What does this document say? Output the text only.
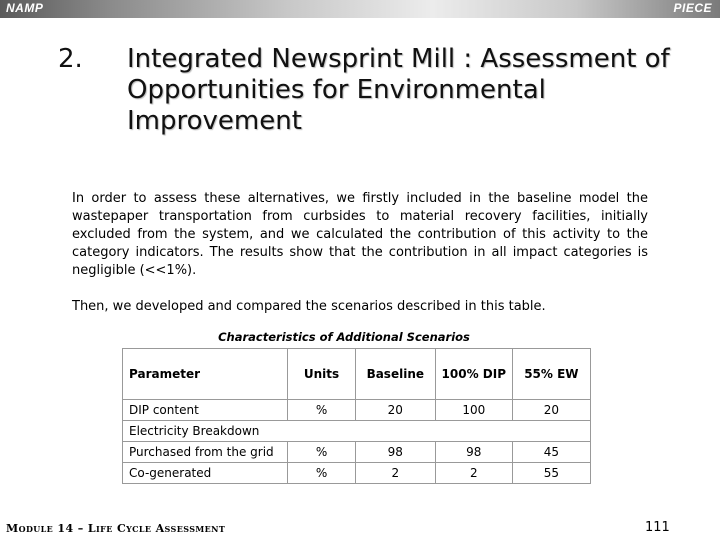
NAMP	PIECE
2. Integrated Newsprint Mill : Assessment of Opportunities for Environmental Improvement
In order to assess these alternatives, we firstly included in the baseline model the wastepaper transportation from curbsides to material recovery facilities, initially excluded from the system, and we calculated the contribution of this activity to the category indicators. The results show that the contribution in all impact categories is negligible (<<1%).
Then, we developed and compared the scenarios described in this table.
Characteristics of Additional Scenarios
Parameter	Units	Baseline	100% DIP	55% EW
DIP content	%	20	100	20
Electricity Breakdown				
Purchased from the grid	%	98	98	45
Co-generated	%	2	2	55
Module 14 – Life Cycle Assessment	111
